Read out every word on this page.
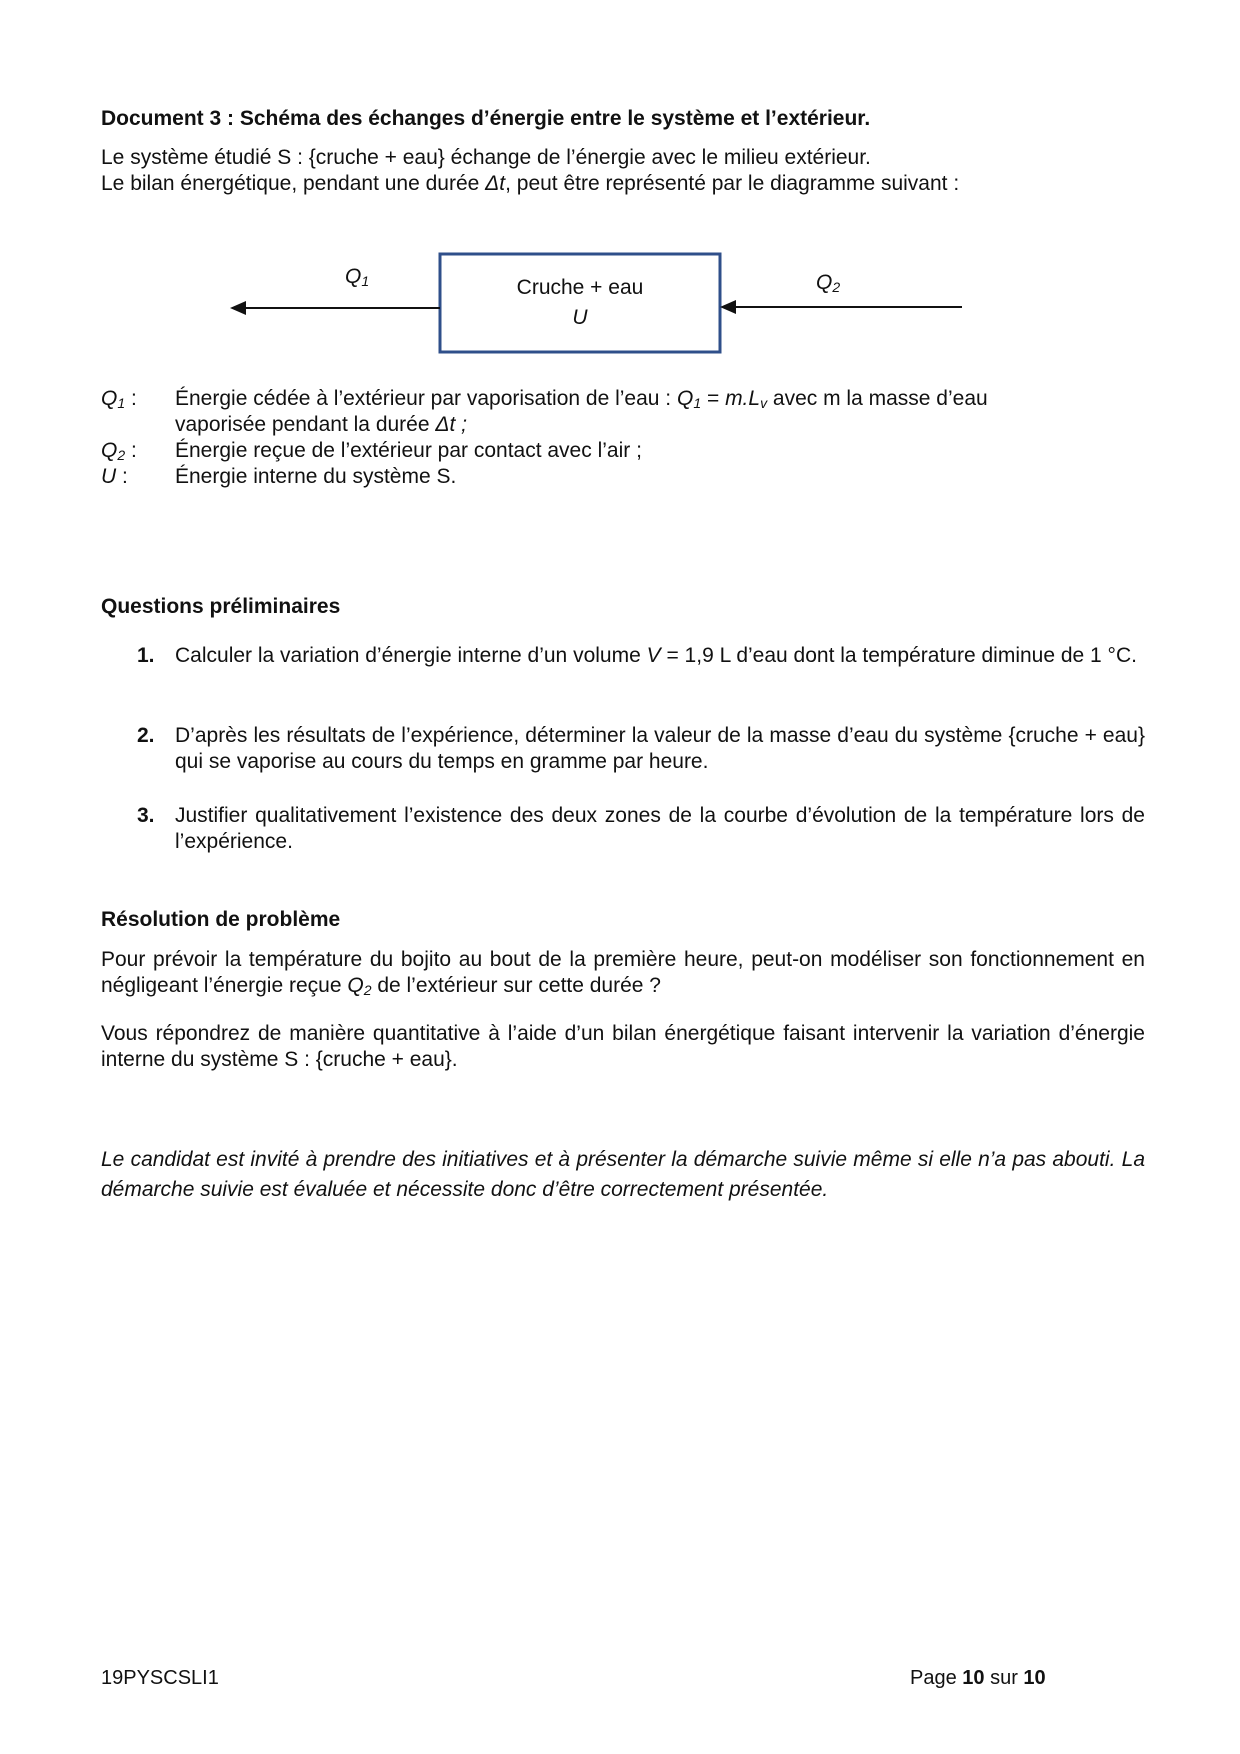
Document 3 : Schéma des échanges d’énergie entre le système et l’extérieur.
Le système étudié S : {cruche + eau} échange de l’énergie avec le milieu extérieur.
Le bilan énergétique, pendant une durée Δt, peut être représenté par le diagramme suivant :
Cruche + eau
U
$Q_1$	$Q_2$
$Q_1$ : Énergie cédée à l’extérieur par vaporisation de l’eau : $Q_1 = m.L_v$ avec m la masse d’eau
vaporisée pendant la durée Δt ;
$Q_2$ : Énergie reçue de l’extérieur par contact avec l’air ;
U : Énergie interne du système S.
Questions préliminaires
1. Calculer la variation d’énergie interne d’un volume V = 1,9 L d’eau dont la température diminue de 1 °C.
2. D’après les résultats de l’expérience, déterminer la valeur de la masse d’eau du système {cruche + eau} qui se vaporise au cours du temps en gramme par heure.
3. Justifier qualitativement l’existence des deux zones de la courbe d’évolution de la température lors de l’expérience.
Résolution de problème
Pour prévoir la température du bojito au bout de la première heure, peut-on modéliser son fonctionnement en négligeant l’énergie reçue $Q_2$ de l’extérieur sur cette durée ?
Vous répondrez de manière quantitative à l’aide d’un bilan énergétique faisant intervenir la variation d’énergie interne du système S : {cruche + eau}.
Le candidat est invité à prendre des initiatives et à présenter la démarche suivie même si elle n’a pas abouti. La démarche suivie est évaluée et nécessite donc d’être correctement présentée.
19PYSCSLI1	Page 10 sur 10
